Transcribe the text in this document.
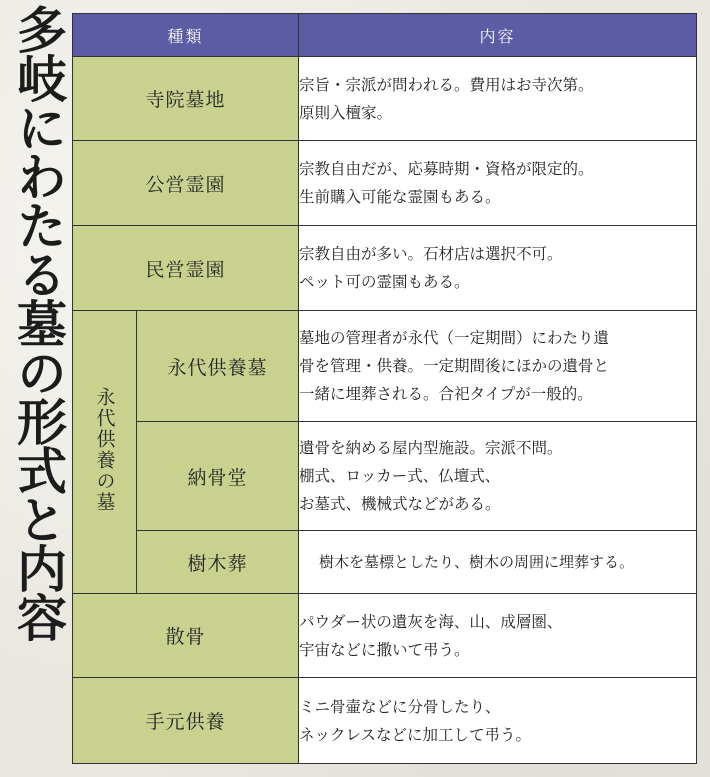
多岐にわたる墓の形式と内容	種類		内容
寺院墓地		宗旨・宗派が問われる。費用はお寺次第。
原則入檀家。

公営霊園		宗教自由だが、応募時期・資格が限定的。
生前購入可能な霊園もある。

民営霊園		宗教自由が多い。石材店は選択不可。
ペット可の霊園もある。

永代供養の墓	永代供養墓	墓地の管理者が永代（一定期間）にわたり遺
骨を管理・供養。一定期間後にほかの遺骨と
一緒に埋葬される。合祀タイプが一般的。

	納骨堂	遺骨を納める屋内型施設。宗派不問。
棚式、ロッカー式、仏壇式、
お墓式、機械式などがある。

	樹木葬	樹木を墓標としたり、樹木の周囲に埋葬する。

散骨		パウダー状の遺灰を海、山、成層圏、
宇宙などに撒いて弔う。

手元供養		ミニ骨壷などに分骨したり、
ネックレスなどに加工して弔う。
